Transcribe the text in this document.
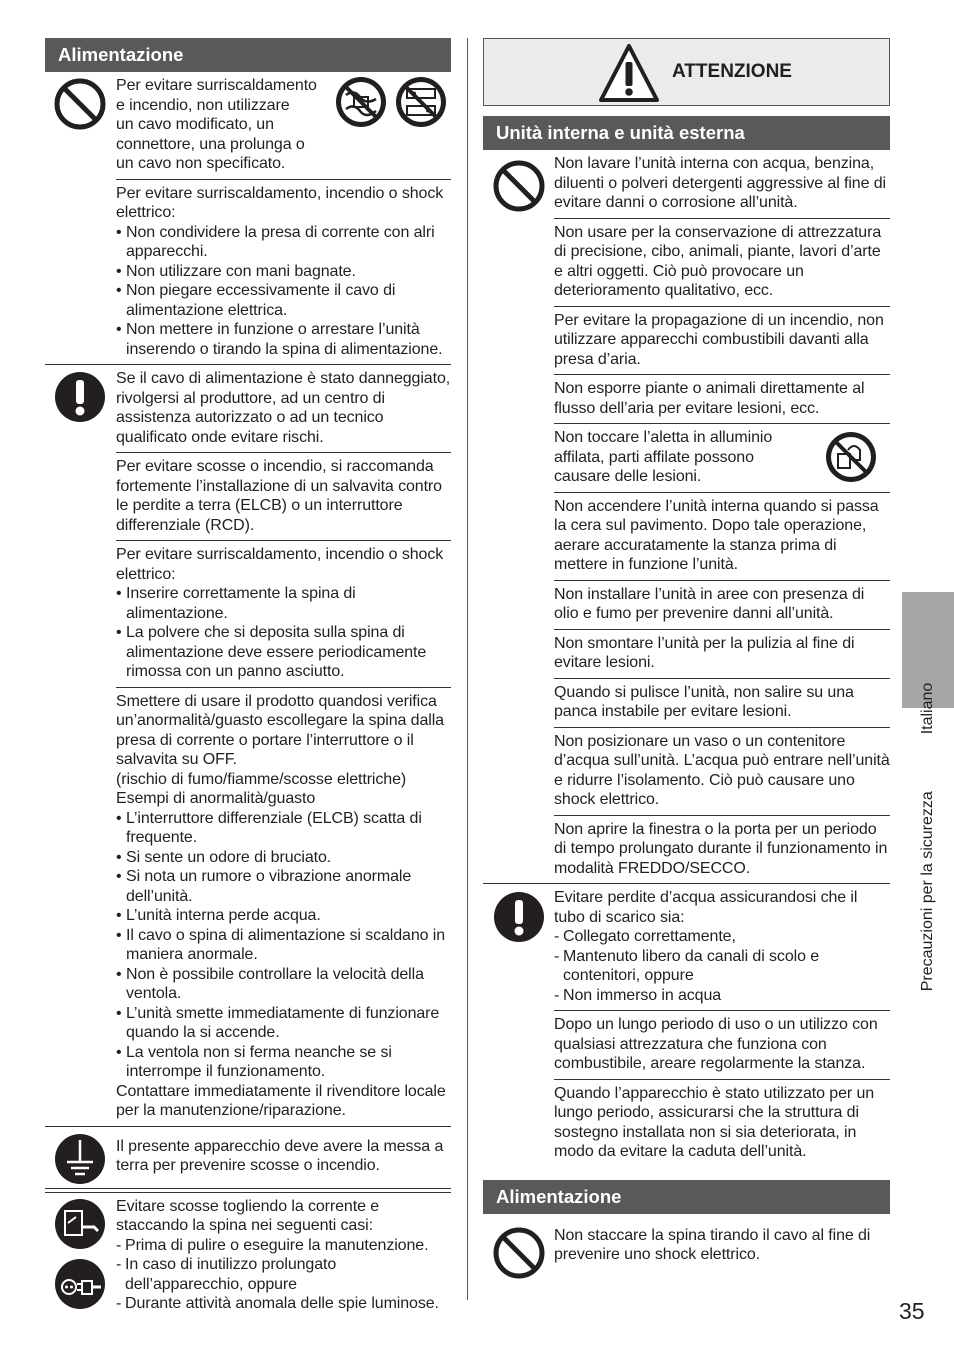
Alimentazione

Per evitare surriscaldamento
e incendio, non utilizzare
un cavo modificato, un
connettore, una prolunga o
un cavo non specificato.

Per evitare surriscaldamento, incendio o shock elettrico:

• Non condividere la presa di corrente con alri apparecchi.
• Non utilizzare con mani bagnate.
• Non piegare eccessivamente il cavo di alimentazione elettrica.
• Non mettere in funzione o arrestare l’unità inserendo o tirando la spina di alimentazione.

Se il cavo di alimentazione è stato danneggiato, rivolgersi al produttore, ad un centro di assistenza autorizzato o ad un tecnico qualificato onde evitare rischi.

Per evitare scosse o incendio, si raccomanda fortemente l’installazione di un salvavita contro le perdite a terra (ELCB) o un interruttore differenziale (RCD).

Per evitare surriscaldamento, incendio o shock elettrico:

• Inserire correttamente la spina di alimentazione.
• La polvere che si deposita sulla spina di alimentazione deve essere periodicamente rimossa con un panno asciutto.

Smettere di usare il prodotto quandosi verifica un’anormalità/guasto escollegare la spina dalla presa di corrente o portare l’interruttore o il salvavita su OFF.

(rischio di fumo/fiamme/scosse elettriche)

Esempi di anormalità/guasto

• L’interruttore differenziale (ELCB) scatta di frequente.
• Si sente un odore di bruciato.
• Si nota un rumore o vibrazione anormale dell’unità.
• L’unità interna perde acqua.
• Il cavo o spina di alimentazione si scaldano in maniera anormale.
• Non è possibile controllare la velocità della ventola.
• L’unità smette immediatamente di funzionare quando la si accende.
• La ventola non si ferma neanche se si interrompe il funzionamento.

Contattare immediatamente il rivenditore locale per la manutenzione/riparazione.

Il presente apparecchio deve avere la messa a terra per prevenire scosse o incendio.

Evitare scosse togliendo la corrente e staccando la spina nei seguenti casi:

- Prima di pulire o eseguire la manutenzione.
- In caso di inutilizzo prolungato dell’apparecchio, oppure
- Durante attività anomala delle spie luminose.
ATTENZIONE
Unità interna e unità esterna

Non lavare l’unità interna con acqua, benzina, diluenti o polveri detergenti aggressive al fine di evitare danni o corrosione all’unità.

Non usare per la conservazione di attrezzatura di precisione, cibo, animali, piante, lavori d’arte e altri oggetti. Ciò può provocare un deterioramento qualitativo, ecc.

Per evitare la propagazione di un incendio, non utilizzare apparecchi combustibili davanti alla presa d’aria.

Non esporre piante o animali direttamente al flusso dell’aria per evitare lesioni, ecc.

Non toccare l’aletta in alluminio
affilata, parti affilate possono
causare delle lesioni.

Non accendere l’unità interna quando si passa la cera sul pavimento. Dopo tale operazione, aerare accuratamente la stanza prima di mettere in funzione l’unità.

Non installare l’unità in aree con presenza di olio e fumo per prevenire danni all’unità.

Non smontare l’unità per la pulizia al fine di evitare lesioni.

Quando si pulisce l’unità, non salire su una panca instabile per evitare lesioni.

Non posizionare un vaso o un contenitore d’acqua sull’unità. L’acqua può entrare nell’unità e ridurre l’isolamento. Ciò può causare uno shock elettrico.

Non aprire la finestra o la porta per un periodo di tempo prolungato durante il funzionamento in modalità FREDDO/SECCO.

Evitare perdite d’acqua assicurandosi che il tubo di scarico sia:

- Collegato correttamente,
- Mantenuto libero da canali di scolo e contenitori, oppure
- Non immerso in acqua

Dopo un lungo periodo di uso o un utilizzo con qualsiasi attrezzatura che funziona con combustibile, areare regolarmente la stanza.

Quando l’apparecchio è stato utilizzato per un lungo periodo, assicurarsi che la struttura di sostegno installata non si sia deteriorata, in modo da evitare la caduta dell’unità.

Alimentazione

Non staccare la spina tirando il cavo al fine di prevenire uno shock elettrico.

Precauzioni per la sicurezza  Italiano
35
